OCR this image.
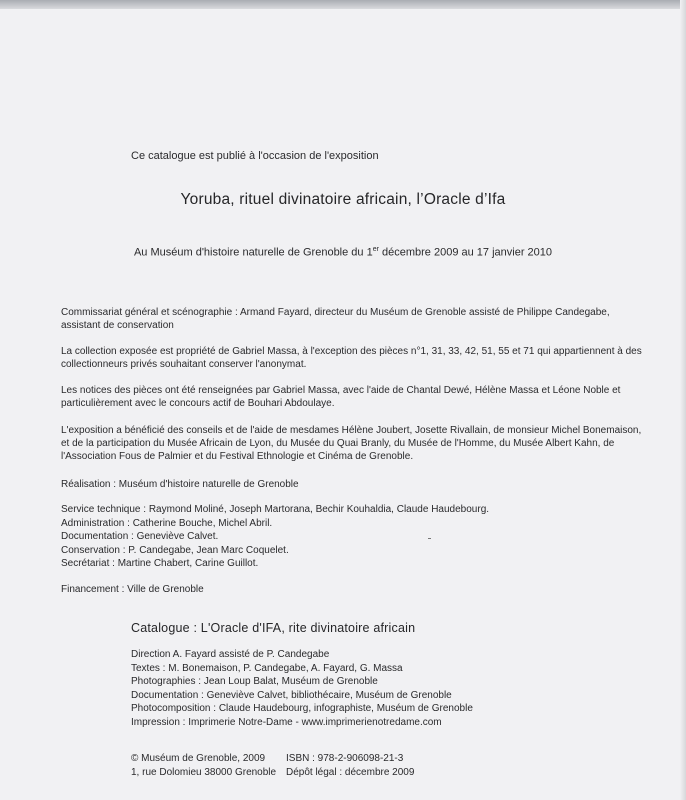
Ce catalogue est publié à l'occasion de l'exposition
Yoruba, rituel divinatoire africain, l’Oracle d’Ifa
Au Muséum d'histoire naturelle de Grenoble du 1er décembre 2009 au 17 janvier 2010

Commissariat général et scénographie : Armand Fayard, directeur du Muséum de Grenoble assisté de Philippe Candegabe, assistant de conservation

La collection exposée est propriété de Gabriel Massa, à l'exception des pièces n°1, 31, 33, 42, 51, 55 et 71 qui appartiennent à des collectionneurs privés souhaitant conserver l'anonymat.

Les notices des pièces ont été renseignées par Gabriel Massa, avec l'aide de Chantal Dewé, Hélène Massa et Léone Noble et particulièrement avec le concours actif de Bouhari Abdoulaye.

L'exposition a bénéficié des conseils et de l'aide de mesdames Hélène Joubert, Josette Rivallain, de monsieur Michel Bonemaison, et de la participation du Musée Africain de Lyon, du Musée du Quai Branly, du Musée de l'Homme, du Musée Albert Kahn, de l'Association Fous de Palmier et du Festival Ethnologie et Cinéma de Grenoble.

Réalisation : Muséum d'histoire naturelle de Grenoble

Service technique : Raymond Moliné, Joseph Martorana, Bechir Kouhaldia, Claude Haudebourg.
Administration : Catherine Bouche, Michel Abril.
Documentation : Geneviève Calvet.
Conservation : P. Candegabe, Jean Marc Coquelet.
Secrétariat : Martine Chabert, Carine Guillot.
Financement : Ville de Grenoble
Catalogue : L'Oracle d'IFA, rite divinatoire africain
Direction A. Fayard assisté de P. Candegabe
Textes : M. Bonemaison, P. Candegabe, A. Fayard, G. Massa
Photographies : Jean Loup Balat, Muséum de Grenoble
Documentation : Geneviève Calvet, bibliothécaire, Muséum de Grenoble
Photocomposition : Claude Haudebourg, infographiste, Muséum de Grenoble
Impression : Imprimerie Notre-Dame - www.imprimerienotredame.com
© Muséum de Grenoble, 2009
1, rue Dolomieu 38000 Grenoble
ISBN : 978-2-906098-21-3
Dépôt légal : décembre 2009
